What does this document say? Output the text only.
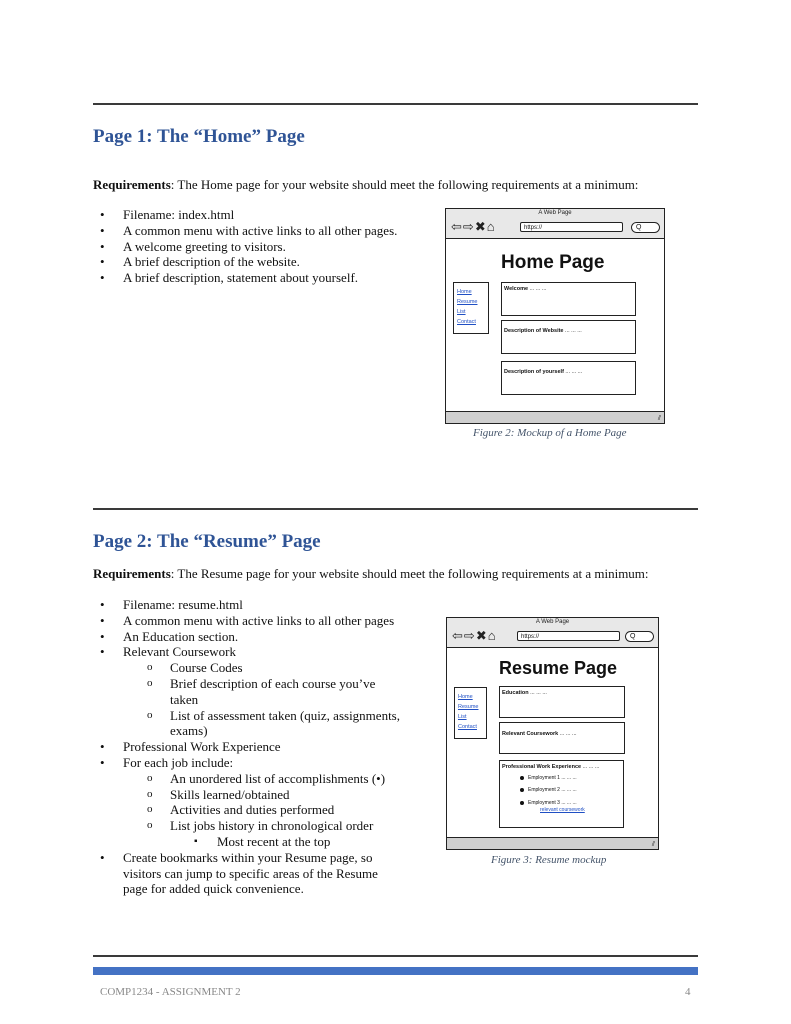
Page 1: The “Home” Page
Requirements: The Home page for your website should meet the following requirements at a minimum:
• Filename: index.html
• A common menu with active links to all other pages.
• A welcome greeting to visitors.
• A brief description of the website.
• A brief description, statement about yourself.
A Web Page
⇦⇨✖⌂	https://	Q
Home Page
Home
Resume
List
Contact
Welcome ... ... ...
Description of Website ... ... ...
Description of yourself ... ... ...
⫽
Figure 2: Mockup of a Home Page
Page 2: The “Resume” Page
Requirements: The Resume page for your website should meet the following requirements at a minimum:
• Filename: resume.html
• A common menu with active links to all other pages
• An Education section.
• Relevant Coursework
o Course Codes
o Brief description of each course you’ve taken
o List of assessment taken (quiz, assignments, exams)
• Professional Work Experience
• For each job include:
o An unordered list of accomplishments (•)
o Skills learned/obtained
o Activities and duties performed
o List jobs history in chronological order
▪ Most recent at the top
• Create bookmarks within your Resume page, so visitors can jump to specific areas of the Resume page for added quick convenience.
A Web Page
⇦⇨✖⌂	https://	Q
Resume Page
Home
Resume
List
Contact
Education ... ... ...
Relevant Coursework ... ... ...
Professional Work Experience ... ... ...
Employment 1 ... ... ...
Employment 2 ... ... ...
Employment 3 ... ... ...
relevant coursework
⫽
Figure 3: Resume mockup
COMP1234 - ASSIGNMENT 2	4
